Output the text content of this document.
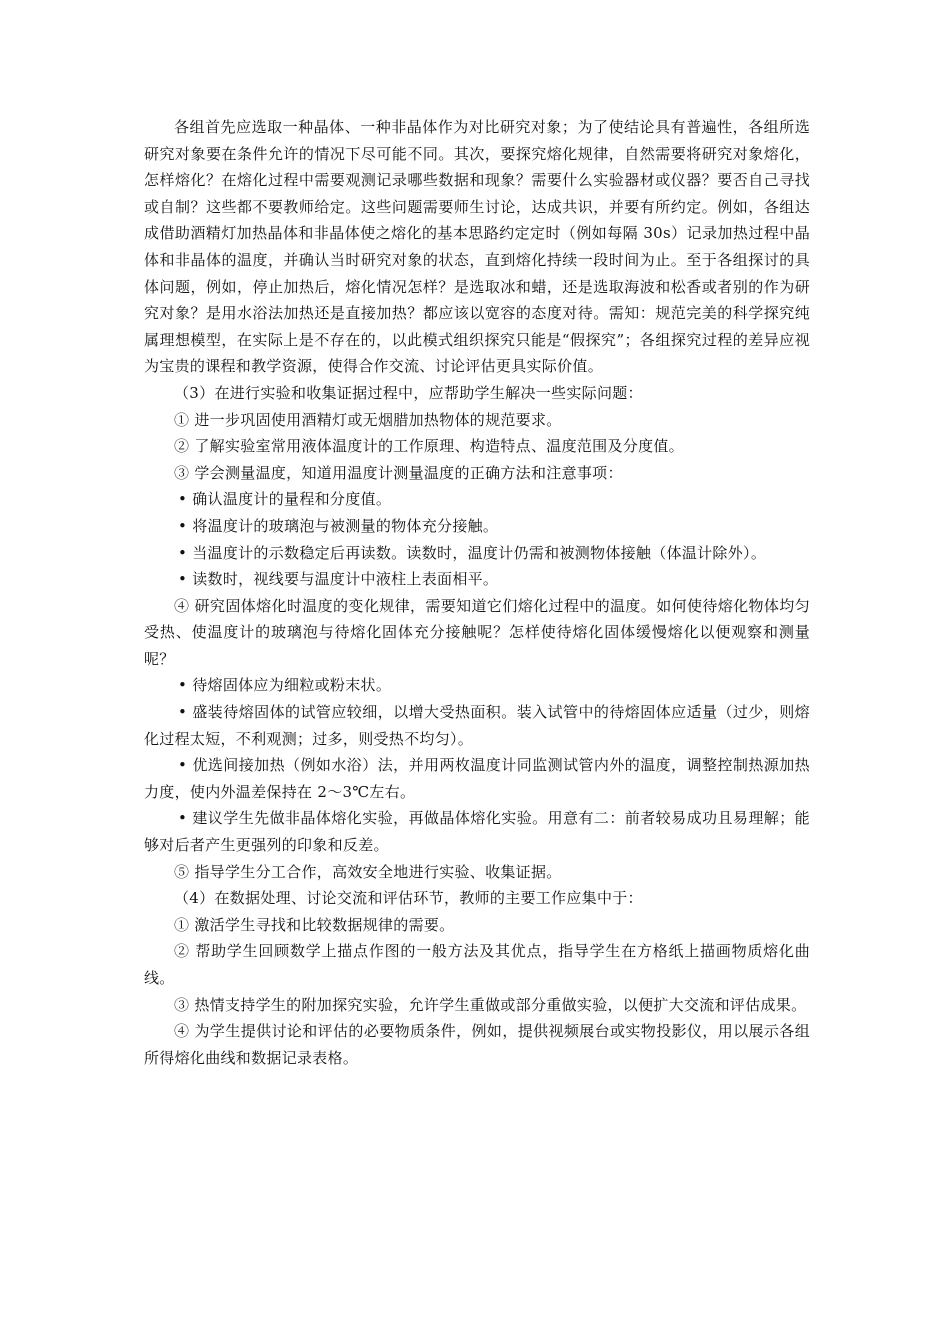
各组首先应选取一种晶体、一种非晶体作为对比研究对象；为了使结论具有普遍性，各组所选研究对象要在条件允许的情况下尽可能不同。其次，要探究熔化规律，自然需要将研究对象熔化，怎样熔化？在熔化过程中需要观测记录哪些数据和现象？需要什么实验器材或仪器？要否自己寻找或自制？这些都不要教师给定。这些问题需要师生讨论，达成共识，并要有所约定。例如，各组达成借助酒精灯加热晶体和非晶体使之熔化的基本思路约定定时（例如每隔 30s）记录加热过程中晶体和非晶体的温度，并确认当时研究对象的状态，直到熔化持续一段时间为止。至于各组探讨的具体问题，例如，停止加热后，熔化情况怎样？是选取冰和蜡，还是选取海波和松香或者别的作为研究对象？是用水浴法加热还是直接加热？都应该以宽容的态度对待。需知：规范完美的科学探究纯属理想模型，在实际上是不存在的，以此模式组织探究只能是“假探究”；各组探究过程的差异应视为宝贵的课程和教学资源，使得合作交流、讨论评估更具实际价值。

（3）在进行实验和收集证据过程中，应帮助学生解决一些实际问题：

① 进一步巩固使用酒精灯或无烟腊加热物体的规范要求。

② 了解实验室常用液体温度计的工作原理、构造特点、温度范围及分度值。

③ 学会测量温度，知道用温度计测量温度的正确方法和注意事项：

• 确认温度计的量程和分度值。

• 将温度计的玻璃泡与被测量的物体充分接触。

• 当温度计的示数稳定后再读数。读数时，温度计仍需和被测物体接触（体温计除外）。

• 读数时，视线要与温度计中液柱上表面相平。

④ 研究固体熔化时温度的变化规律，需要知道它们熔化过程中的温度。如何使待熔化物体均匀受热、使温度计的玻璃泡与待熔化固体充分接触呢？怎样使待熔化固体缓慢熔化以便观察和测量呢？

• 待熔固体应为细粒或粉末状。

• 盛装待熔固体的试管应较细，以增大受热面积。装入试管中的待熔固体应适量（过少，则熔化过程太短，不利观测；过多，则受热不均匀）。

• 优选间接加热（例如水浴）法，并用两枚温度计同监测试管内外的温度，调整控制热源加热力度，使内外温差保持在 2～3℃左右。

• 建议学生先做非晶体熔化实验，再做晶体熔化实验。用意有二：前者较易成功且易理解；能够对后者产生更强列的印象和反差。

⑤ 指导学生分工合作，高效安全地进行实验、收集证据。

（4）在数据处理、讨论交流和评估环节，教师的主要工作应集中于：

① 激活学生寻找和比较数据规律的需要。

② 帮助学生回顾数学上描点作图的一般方法及其优点，指导学生在方格纸上描画物质熔化曲线。

③ 热情支持学生的附加探究实验，允许学生重做或部分重做实验，以便扩大交流和评估成果。

④ 为学生提供讨论和评估的必要物质条件，例如，提供视频展台或实物投影仪，用以展示各组所得熔化曲线和数据记录表格。
